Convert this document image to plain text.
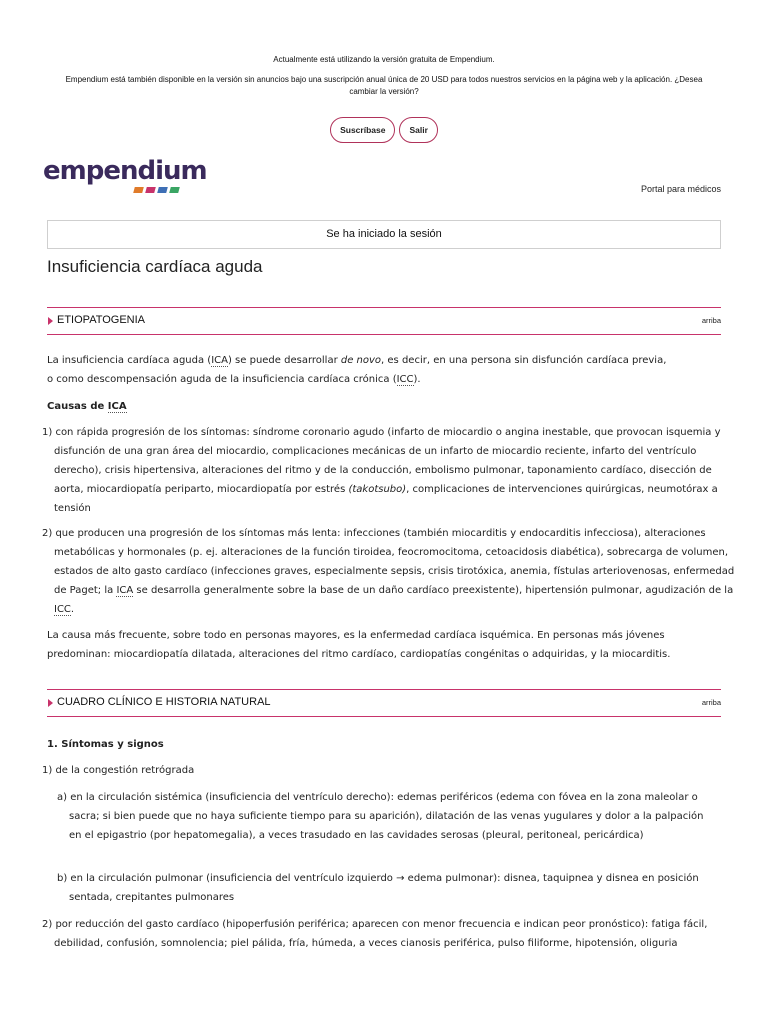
Actualmente está utilizando la versión gratuita de Empendium.

Empendium está también disponible en la versión sin anuncios bajo una suscripción anual única de 20 USD para todos nuestros servicios en la página web y la aplicación. ¿Desea cambiar la versión?

Suscríbase	Salir
empendium
Portal para médicos
Se ha iniciado la sesión
Insuficiencia cardíaca aguda
ETIOPATOGENIA	arriba
La insuficiencia cardíaca aguda (ICA) se puede desarrollar de novo, es decir, en una persona sin disfunción cardíaca previa,
o como descompensación aguda de la insuficiencia cardíaca crónica (ICC).
Causas de ICA
1) con rápida progresión de los síntomas: síndrome coronario agudo (infarto de miocardio o angina inestable, que provocan isquemia y disfunción de una gran área del miocardio, complicaciones mecánicas de un infarto de miocardio reciente, infarto del ventrículo derecho), crisis hipertensiva, alteraciones del ritmo y de la conducción, embolismo pulmonar, taponamiento cardíaco, disección de aorta, miocardiopatía periparto, miocardiopatía por estrés (takotsubo), complicaciones de intervenciones quirúrgicas, neumotórax a tensión
2) que producen una progresión de los síntomas más lenta: infecciones (también miocarditis y endocarditis infecciosa), alteraciones metabólicas y hormonales (p. ej. alteraciones de la función tiroidea, feocromocitoma, cetoacidosis diabética), sobrecarga de volumen, estados de alto gasto cardíaco (infecciones graves, especialmente sepsis, crisis tirotóxica, anemia, fístulas arteriovenosas, enfermedad de Paget; la ICA se desarrolla generalmente sobre la base de un daño cardíaco preexistente), hipertensión pulmonar, agudización de la ICC.
La causa más frecuente, sobre todo en personas mayores, es la enfermedad cardíaca isquémica. En personas más jóvenes predominan: miocardiopatía dilatada, alteraciones del ritmo cardíaco, cardiopatías congénitas o adquiridas, y la miocarditis.
CUADRO CLÍNICO E HISTORIA NATURAL	arriba
1. Síntomas y signos
1) de la congestión retrógrada
a) en la circulación sistémica (insuficiencia del ventrículo derecho): edemas periféricos (edema con fóvea en la zona maleolar o sacra; si bien puede que no haya suficiente tiempo para su aparición), dilatación de las venas yugulares y dolor a la palpación en el epigastrio (por hepatomegalia), a veces trasudado en las cavidades serosas (pleural, peritoneal, pericárdica)
b) en la circulación pulmonar (insuficiencia del ventrículo izquierdo → edema pulmonar): disnea, taquipnea y disnea en posición sentada, crepitantes pulmonares
2) por reducción del gasto cardíaco (hipoperfusión periférica; aparecen con menor frecuencia e indican peor pronóstico): fatiga fácil, debilidad, confusión, somnolencia; piel pálida, fría, húmeda, a veces cianosis periférica, pulso filiforme, hipotensión, oliguria
